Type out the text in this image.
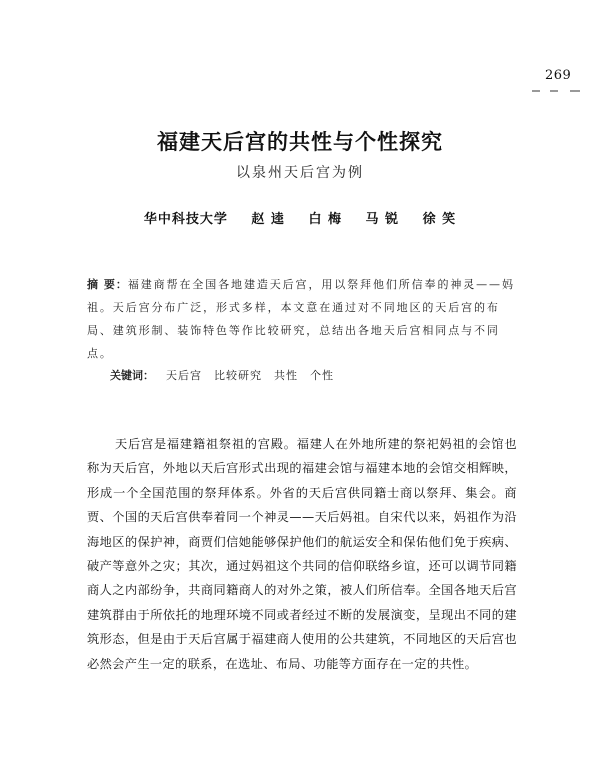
269
福建天后宫的共性与个性探究
以泉州天后宫为例
华中科技大学 赵 逵 白 梅 马 锐 徐 笑
摘 要：福建商帮在全国各地建造天后宫，用以祭拜他们所信奉的神灵——妈祖。天后宫分布广泛，形式多样，本文意在通过对不同地区的天后宫的布局、建筑形制、装饰特色等作比较研究，总结出各地天后宫相同点与不同点。
关键词： 天后宫 比较研究 共性 个性

天后宫是福建籍祖祭祖的宫殿。福建人在外地所建的祭祀妈祖的会馆也称为天后宫，外地以天后宫形式出现的福建会馆与福建本地的会馆交相辉映，形成一个全国范围的祭拜体系。外省的天后宫供同籍士商以祭拜、集会。商贾、个国的天后宫供奉着同一个神灵——天后妈祖。自宋代以来，妈祖作为沿海地区的保护神，商贾们信她能够保护他们的航运安全和保佑他们免于疾病、破产等意外之灾；其次，通过妈祖这个共同的信仰联络乡谊，还可以调节同籍商人之内部纷争，共商同籍商人的对外之策，被人们所信奉。全国各地天后宫建筑群由于所依托的地理环境不同或者经过不断的发展演变，呈现出不同的建筑形态，但是由于天后宫属于福建商人使用的公共建筑，不同地区的天后宫也必然会产生一定的联系，在选址、布局、功能等方面存在一定的共性。
